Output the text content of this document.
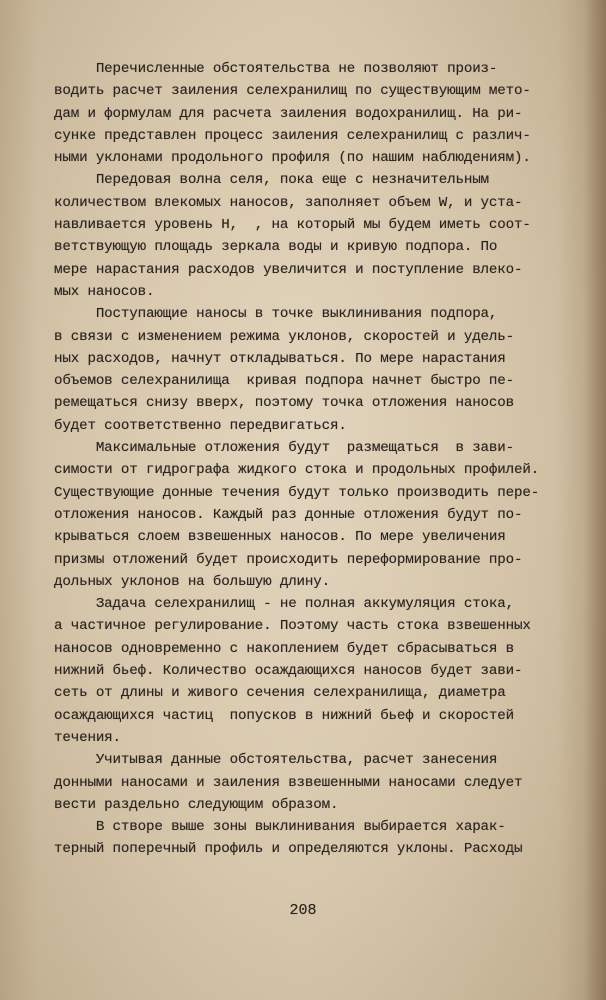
Перечисленные обстоятельства не позволяют произ-
водить расчет заиления селехранилищ по существующим мето-
дам и формулам для расчета заиления водохранилищ. На ри-
сунке представлен процесс заиления селехранилищ с различ-
ными уклонами продольного профиля (по нашим наблюдениям).
Передовая волна селя, пока еще с незначительным
количеством влекомых наносов, заполняет объем W, и уста-
навливается уровень H,  , на который мы будем иметь соот-
ветствующую площадь зеркала воды и кривую подпора. По
мере нарастания расходов увеличится и поступление влеко-
мых наносов.
Поступающие наносы в точке выклинивания подпора,
в связи с изменением режима уклонов, скоростей и удель-
ных расходов, начнут откладываться. По мере нарастания
объемов селехранилища  кривая подпора начнет быстро пе-
ремещаться снизу вверх, поэтому точка отложения наносов
будет соответственно передвигаться.
Максимальные отложения будут  размещаться  в зави-
симости от гидрографа жидкого стока и продольных профилей.
Существующие донные течения будут только производить пере-
отложения наносов. Каждый раз донные отложения будут по-
крываться слоем взвешенных наносов. По мере увеличения
призмы отложений будет происходить переформирование про-
дольных уклонов на большую длину.
Задача селехранилищ - не полная аккумуляция стока,
а частичное регулирование. Поэтому часть стока взвешенных
наносов одновременно с накоплением будет сбрасываться в
нижний бьеф. Количество осаждающихся наносов будет зави-
сеть от длины и живого сечения селехранилища, диаметра
осаждающихся частиц  попусков в нижний бьеф и скоростей
течения.
Учитывая данные обстоятельства, расчет занесения
донными наносами и заиления взвешенными наносами следует
вести раздельно следующим образом.
В створе выше зоны выклинивания выбирается харак-
терный поперечный профиль и определяются уклоны. Расходы
208
